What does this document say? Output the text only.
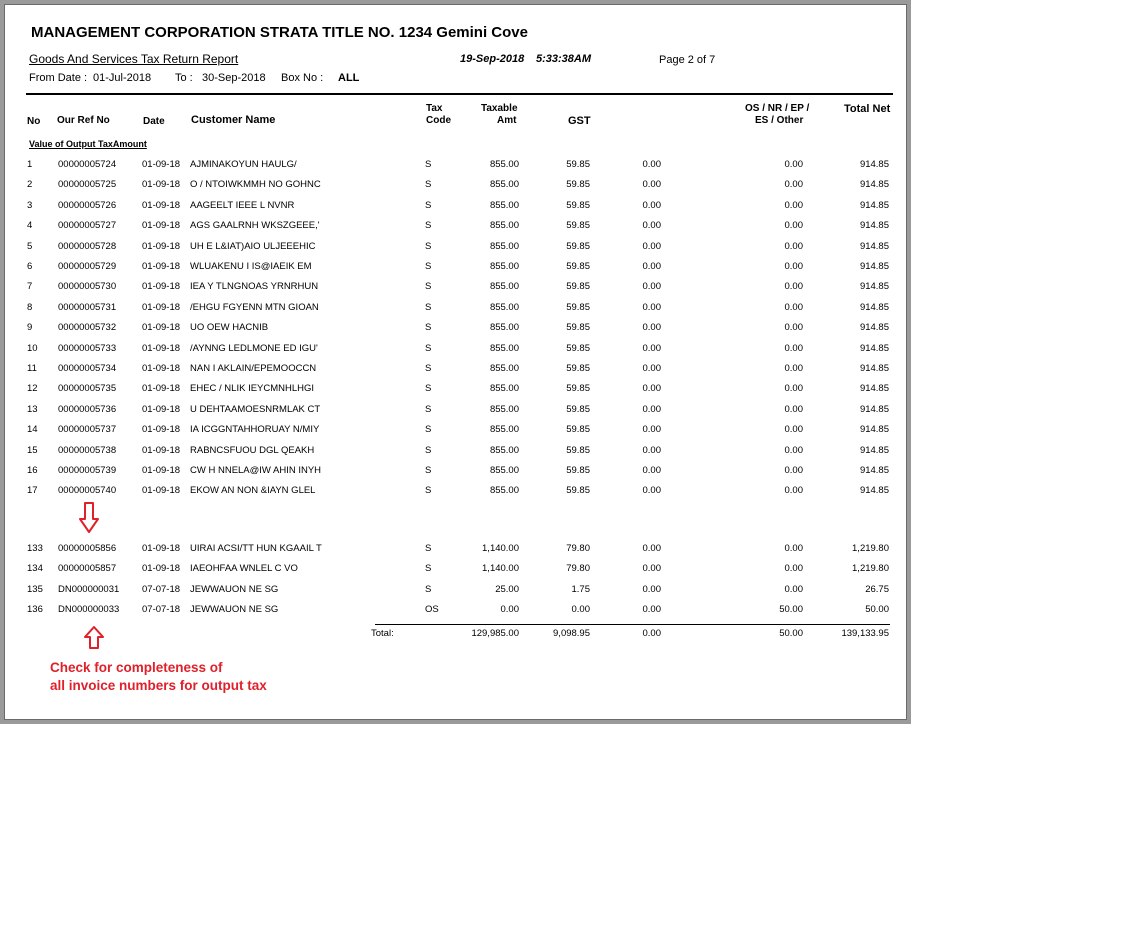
MANAGEMENT CORPORATION STRATA TITLE NO. 1234 Gemini Cove
Goods And Services Tax Return Report	19-Sep-2018 5:33:38AM	Page 2 of 7
From Date : 01-Jul-2018 To : 30-Sep-2018 Box No : ALL
No Our Ref No	Date Customer Name
Tax
Code
Taxable
Amt	GST
OS / NR / EP /
ES / Other
Total Net
Value of Output TaxAmount
1	00000005724	01-09-18 AJMINAKOYUN HAULG/	S	855.00	59.85	0.00	0.00	914.85
2	00000005725	01-09-18 O / NTOIWKMMH NO GOHNC	S	855.00	59.85	0.00	0.00	914.85
3	00000005726	01-09-18 AAGEELT IEEE L NVNR	S	855.00	59.85	0.00	0.00	914.85
4	00000005727	01-09-18 AGS GAALRNH WKSZGEEE,'	S	855.00	59.85	0.00	0.00	914.85
5	00000005728	01-09-18 UH E L&IAT)AIO ULJEEEHIC	S	855.00	59.85	0.00	0.00	914.85
6	00000005729	01-09-18 WLUAKENU I IS@IAEIK EM	S	855.00	59.85	0.00	0.00	914.85
7	00000005730	01-09-18 IEA Y TLNGNOAS YRNRHUN	S	855.00	59.85	0.00	0.00	914.85
8	00000005731	01-09-18 /EHGU FGYENN MTN GIOAN	S	855.00	59.85	0.00	0.00	914.85
9	00000005732	01-09-18 UO OEW HACNIB	S	855.00	59.85	0.00	0.00	914.85
10 00000005733	01-09-18 /AYNNG LEDLMONE ED IGU'	S	855.00	59.85	0.00	0.00	914.85
11 00000005734	01-09-18 NAN I AKLAIN/EPEMOOCCN	S	855.00	59.85	0.00	0.00	914.85
12 00000005735	01-09-18 EHEC / NLIK IEYCMNHLHGI	S	855.00	59.85	0.00	0.00	914.85
13 00000005736	01-09-18 U DEHTAAMOESNRMLAK CT	S	855.00	59.85	0.00	0.00	914.85
14 00000005737	01-09-18 IA ICGGNTAHHORUAY N/MIY	S	855.00	59.85	0.00	0.00	914.85
15 00000005738	01-09-18 RABNCSFUOU DGL QEAKH	S	855.00	59.85	0.00	0.00	914.85
16 00000005739	01-09-18 CW H NNELA@IW AHIN INYH	S	855.00	59.85	0.00	0.00	914.85
17 00000005740	01-09-18 EKOW AN NON &IAYN GLEL	S	855.00	59.85	0.00	0.00	914.85
133 00000005856	01-09-18 UIRAI ACSI/TT HUN KGAAIL T	S	1,140.00	79.80	0.00	0.00	1,219.80
134 00000005857	01-09-18 IAEOHFAA WNLEL C VO	S	1,140.00	79.80	0.00	0.00	1,219.80
135 DN000000031 07-07-18 JEWWAUON NE SG	S	25.00	1.75	0.00	0.00	26.75
136 DN000000033 07-07-18 JEWWAUON NE SG	OS	0.00	0.00	0.00	50.00	50.00
Total:	129,985.00	9,098.95	0.00	50.00	139,133.95
Check for completeness of
all invoice numbers for output tax
